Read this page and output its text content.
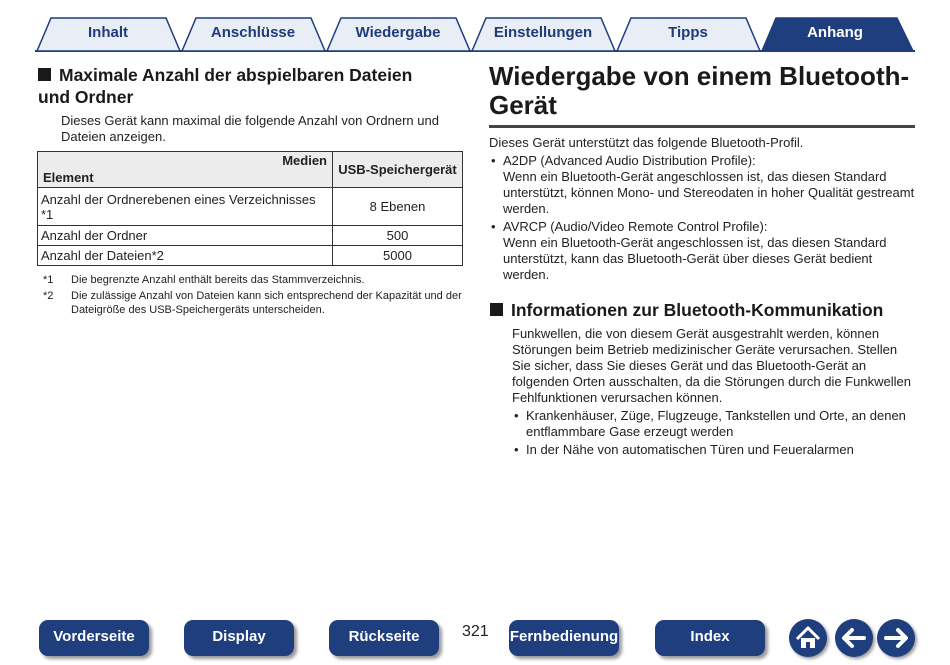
Inhalt	Anschlüsse	Wiedergabe	Einstellungen	Tipps	Anhang
Maximale Anzahl der abspielbaren Dateien und Ordner

Dieses Gerät kann maximal die folgende Anzahl von Ordnern und Dateien anzeigen.

Medien
Element	USB-Speichergerät
Anzahl der Ordnerebenen eines Verzeichnisses *1	8 Ebenen
Anzahl der Ordner	500
Anzahl der Dateien*2	5000
*1	Die begrenzte Anzahl enthält bereits das Stammverzeichnis.
*2	Die zulässige Anzahl von Dateien kann sich entsprechend der Kapazität und der Dateigröße des USB-Speichergeräts unterscheiden.
Wiedergabe von einem Bluetooth-Gerät

Dieses Gerät unterstützt das folgende Bluetooth-Profil.

• A2DP (Advanced Audio Distribution Profile):
Wenn ein Bluetooth-Gerät angeschlossen ist, das diesen Standard unterstützt, können Mono- und Stereodaten in hoher Qualität gestreamt werden.
• AVRCP (Audio/Video Remote Control Profile):
Wenn ein Bluetooth-Gerät angeschlossen ist, das diesen Standard unterstützt, kann das Bluetooth-Gerät über dieses Gerät bedient werden.
Informationen zur Bluetooth-Kommunikation

Funkwellen, die von diesem Gerät ausgestrahlt werden, können Störungen beim Betrieb medizinischer Geräte verursachen. Stellen Sie sicher, dass Sie dieses Gerät und das Bluetooth-Gerät an folgenden Orten ausschalten, da die Störungen durch die Funkwellen Fehlfunktionen verursachen können.

• Krankenhäuser, Züge, Flugzeuge, Tankstellen und Orte, an denen entflammbare Gase erzeugt werden
• In der Nähe von automatischen Türen und Feueralarmen
Vorderseite	Display	Rückseite	321 Fernbedienung	Index
